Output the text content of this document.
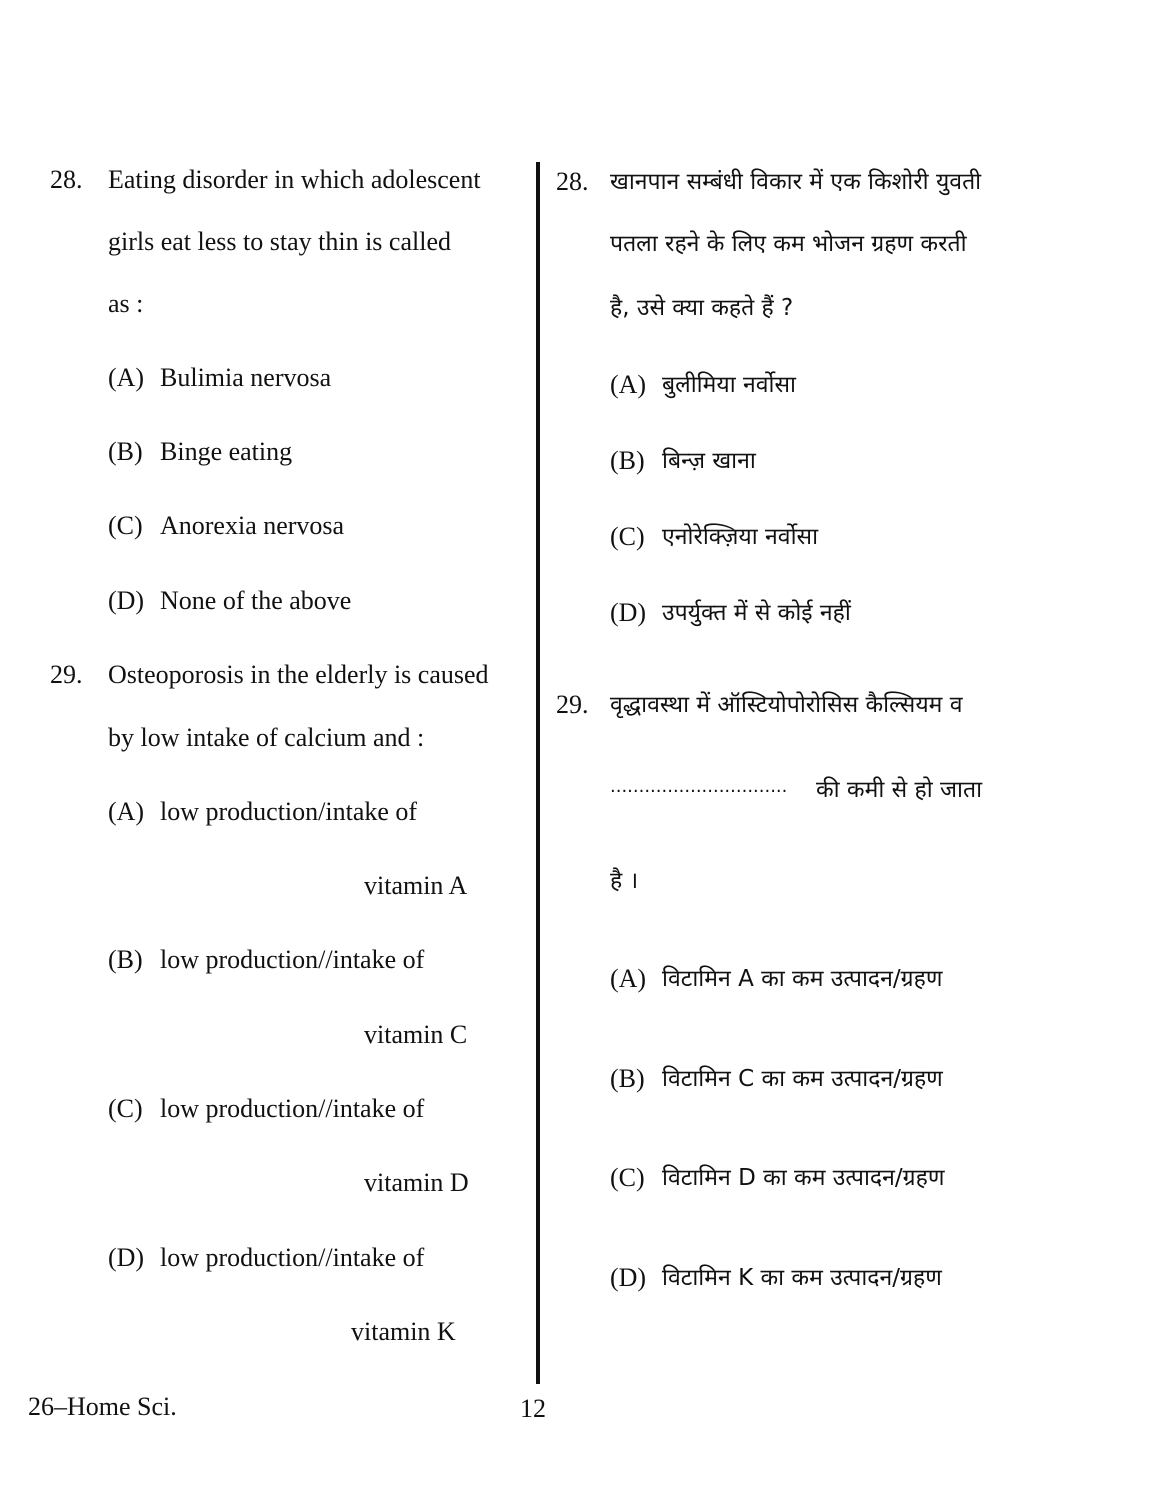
28. Eating disorder in which adolescent
girls eat less to stay thin is called
as :
(A) Bulimia nervosa
(B) Binge eating
(C) Anorexia nervosa
(D) None of the above
29. Osteoporosis in the elderly is caused
by low intake of calcium and :
(A) low production/intake of
vitamin A
(B) low production//intake of
vitamin C
(C) low production//intake of
vitamin D
(D) low production//intake of
vitamin K
28. खानपान सम्बंधी विकार में एक किशोरी युवती
पतला रहने के लिए कम भोजन ग्रहण करती
है, उसे क्या कहते हैं ?
(A) बुलीमिया नर्वोसा
(B) बिन्ज़ खाना
(C) एनोरेक्ज़िया नर्वोसा
(D) उपर्युक्त में से कोई नहीं
29. वृद्धावस्था में ऑस्टियोपोरोसिस कैल्सियम व
............................... की कमी से हो जाता
है ।
(A) विटामिन A का कम उत्पादन/ग्रहण
(B) विटामिन C का कम उत्पादन/ग्रहण
(C) विटामिन D का कम उत्पादन/ग्रहण
(D) विटामिन K का कम उत्पादन/ग्रहण
26–Home Sci.	12
